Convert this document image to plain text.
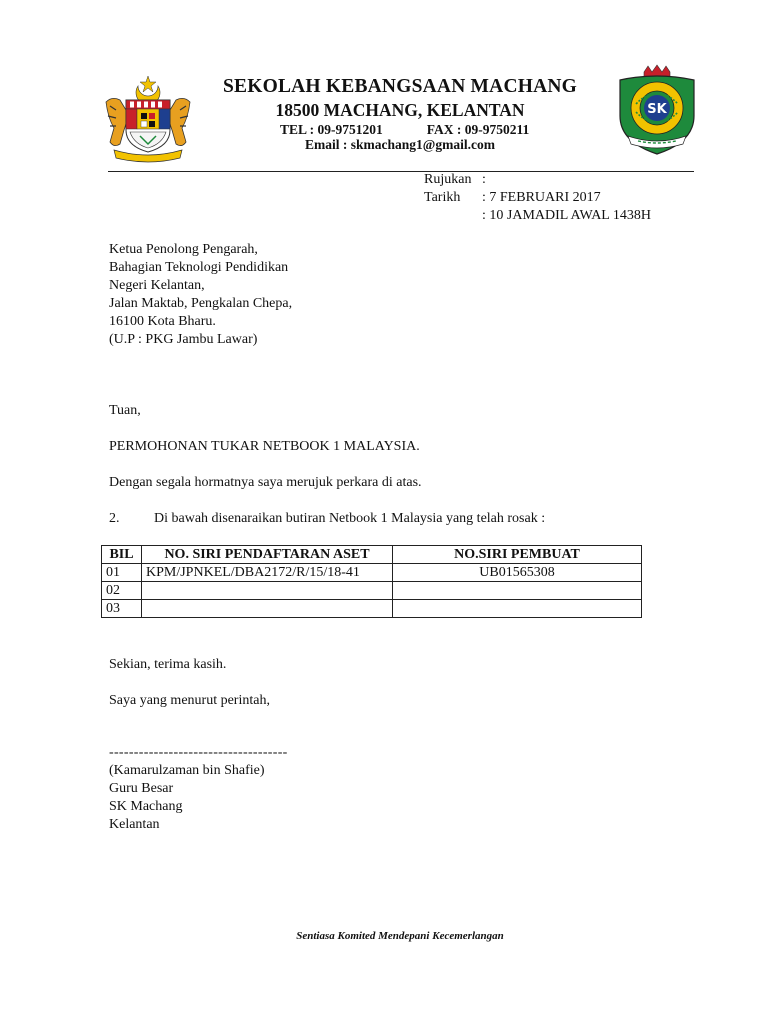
SEKOLAH KEBANGSAAN MACHANG
18500 MACHANG, KELANTAN
TEL : 09-9751201	FAX : 09-9750211
Email : skmachang1@gmail.com
SK
Rujukan :
Tarikh : 7 FEBRUARI 2017
: 10 JAMADIL AWAL 1438H
Ketua Penolong Pengarah,
Bahagian Teknologi Pendidikan
Negeri Kelantan,
Jalan Maktab, Pengkalan Chepa,
16100 Kota Bharu.
(U.P : PKG Jambu Lawar)
Tuan,
PERMOHONAN TUKAR NETBOOK 1 MALAYSIA.
Dengan segala hormatnya saya merujuk perkara di atas.
2. Di bawah disenaraikan butiran Netbook 1 Malaysia yang telah rosak :
BIL	NO. SIRI PENDAFTARAN ASET	NO.SIRI PEMBUAT
01	KPM/JPNKEL/DBA2172/R/15/18-41	UB01565308
02		
03		
Sekian, terima kasih.
Saya yang menurut perintah,
------------------------------------
(Kamarulzaman bin Shafie)
Guru Besar
SK Machang
Kelantan
Sentiasa Komited Mendepani Kecemerlangan
